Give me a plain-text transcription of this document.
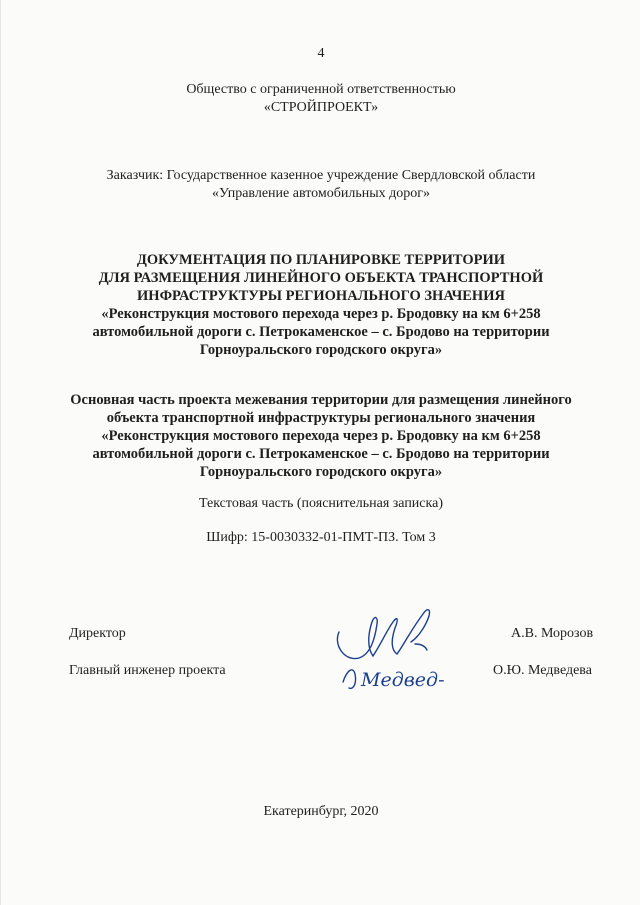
4
Общество с ограниченной ответственностью
«СТРОЙПРОЕКТ»
Заказчик: Государственное казенное учреждение Свердловской области
«Управление автомобильных дорог»
ДОКУМЕНТАЦИЯ ПО ПЛАНИРОВКЕ ТЕРРИТОРИИ
ДЛЯ РАЗМЕЩЕНИЯ ЛИНЕЙНОГО ОБЪЕКТА ТРАНСПОРТНОЙ
ИНФРАСТРУКТУРЫ РЕГИОНАЛЬНОГО ЗНАЧЕНИЯ
«Реконструкция мостового перехода через р. Бродовку на км 6+258
автомобильной дороги с. Петрокаменское – с. Бродово на территории
Горноуральского городского округа»
Основная часть проекта межевания территории для размещения линейного
объекта транспортной инфраструктуры регионального значения
«Реконструкция мостового перехода через р. Бродовку на км 6+258
автомобильной дороги с. Петрокаменское – с. Бродово на территории
Горноуральского городского округа»
Текстовая часть (пояснительная записка)
Шифр: 15-0030332-01-ПМТ-ПЗ. Том 3
Директор	А.В. Морозов
Главный инженер проекта	О.Ю. Медведева
Медвед-
Екатеринбург, 2020
